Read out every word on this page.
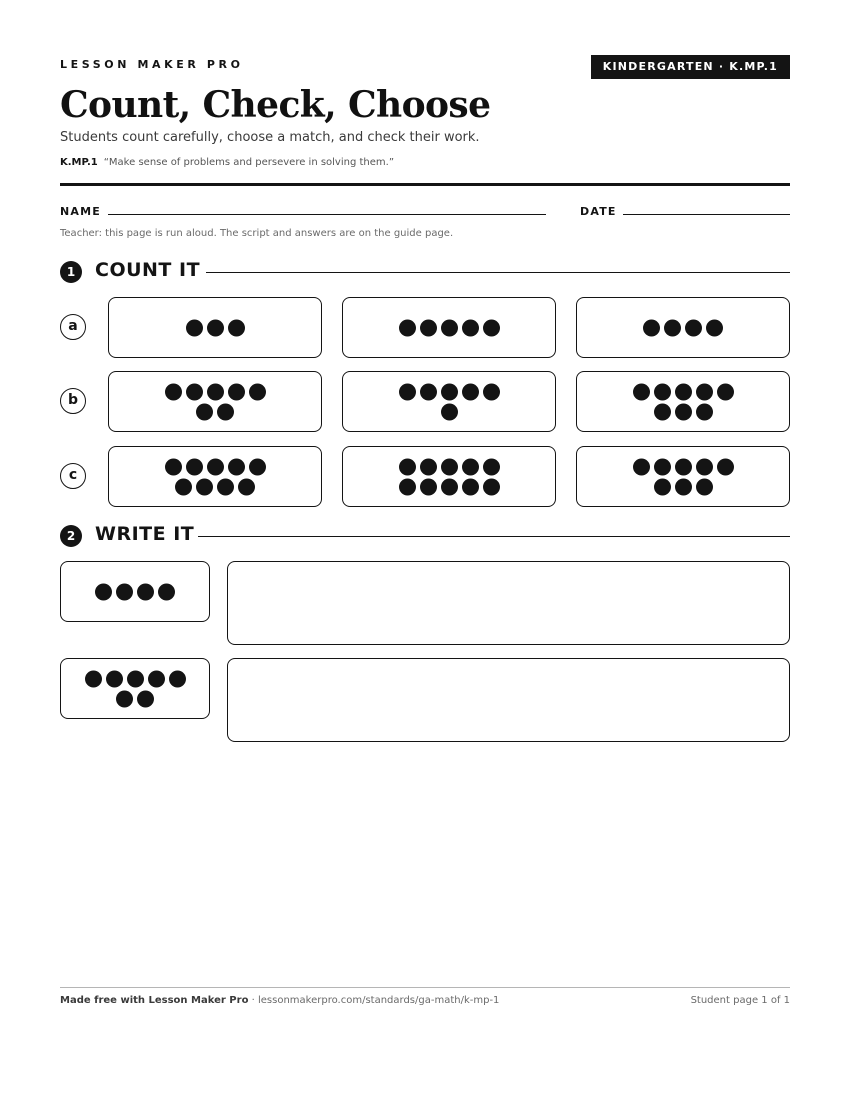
LESSON MAKER PRO	KINDERGARTEN · K.MP.1
Count, Check, Choose
Students count carefully, choose a match, and check their work.
K.MP.1 “Make sense of problems and persevere in solving them.”
NAME	DATE
Teacher: this page is run aloud. The script and answers are on the guide page.
1	COUNT IT
a
b
c
2	WRITE IT
Made free with Lesson Maker Pro · lessonmakerpro.com/standards/ga-math/k-mp-1	Student page 1 of 1
